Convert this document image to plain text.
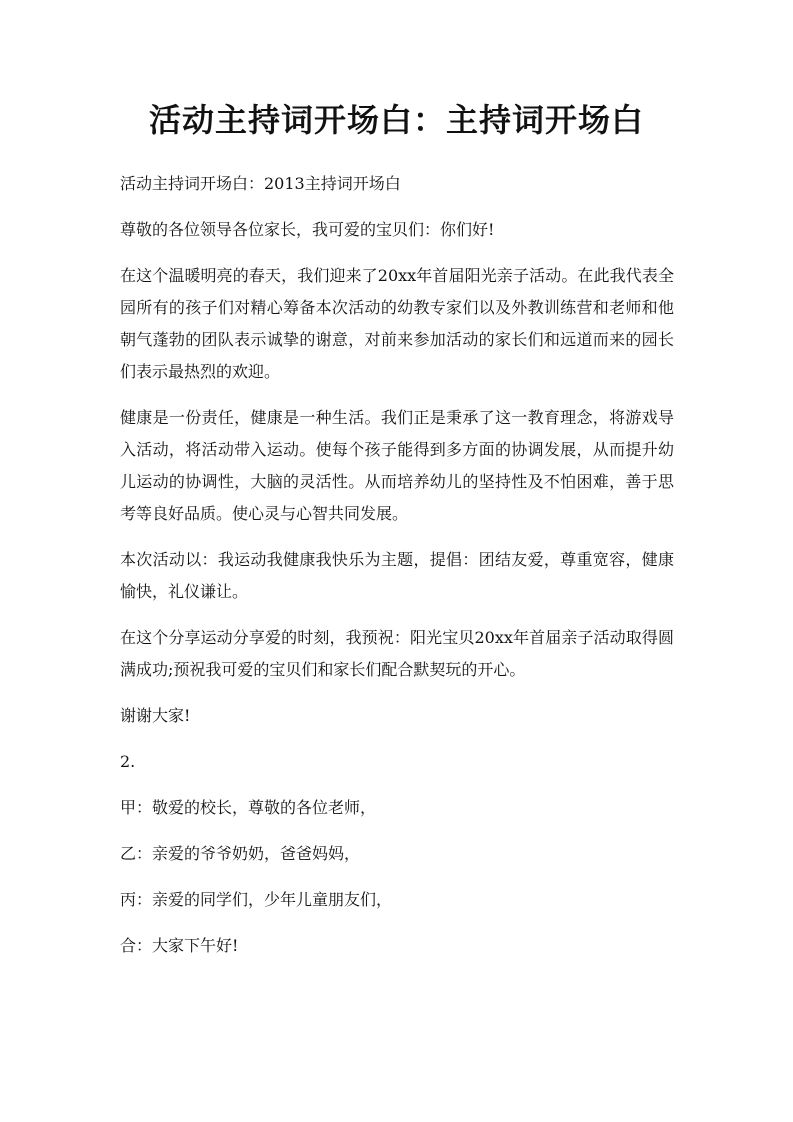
活动主持词开场白：主持词开场白

活动主持词开场白：2013主持词开场白

尊敬的各位领导各位家长，我可爱的宝贝们：你们好!

在这个温暖明亮的春天，我们迎来了20xx年首届阳光亲子活动。在此我代表全园所有的孩子们对精心筹备本次活动的幼教专家们以及外教训练营和老师和他朝气蓬勃的团队表示诚挚的谢意，对前来参加活动的家长们和远道而来的园长们表示最热烈的欢迎。

健康是一份责任，健康是一种生活。我们正是秉承了这一教育理念，将游戏导入活动，将活动带入运动。使每个孩子能得到多方面的协调发展，从而提升幼儿运动的协调性，大脑的灵活性。从而培养幼儿的坚持性及不怕困难，善于思考等良好品质。使心灵与心智共同发展。

本次活动以：我运动我健康我快乐为主题，提倡：团结友爱，尊重宽容，健康愉快，礼仪谦让。

在这个分享运动分享爱的时刻，我预祝：阳光宝贝20xx年首届亲子活动取得圆满成功;预祝我可爱的宝贝们和家长们配合默契玩的开心。

谢谢大家!

2.

甲：敬爱的校长，尊敬的各位老师，

乙：亲爱的爷爷奶奶，爸爸妈妈，

丙：亲爱的同学们，少年儿童朋友们，

合：大家下午好!
